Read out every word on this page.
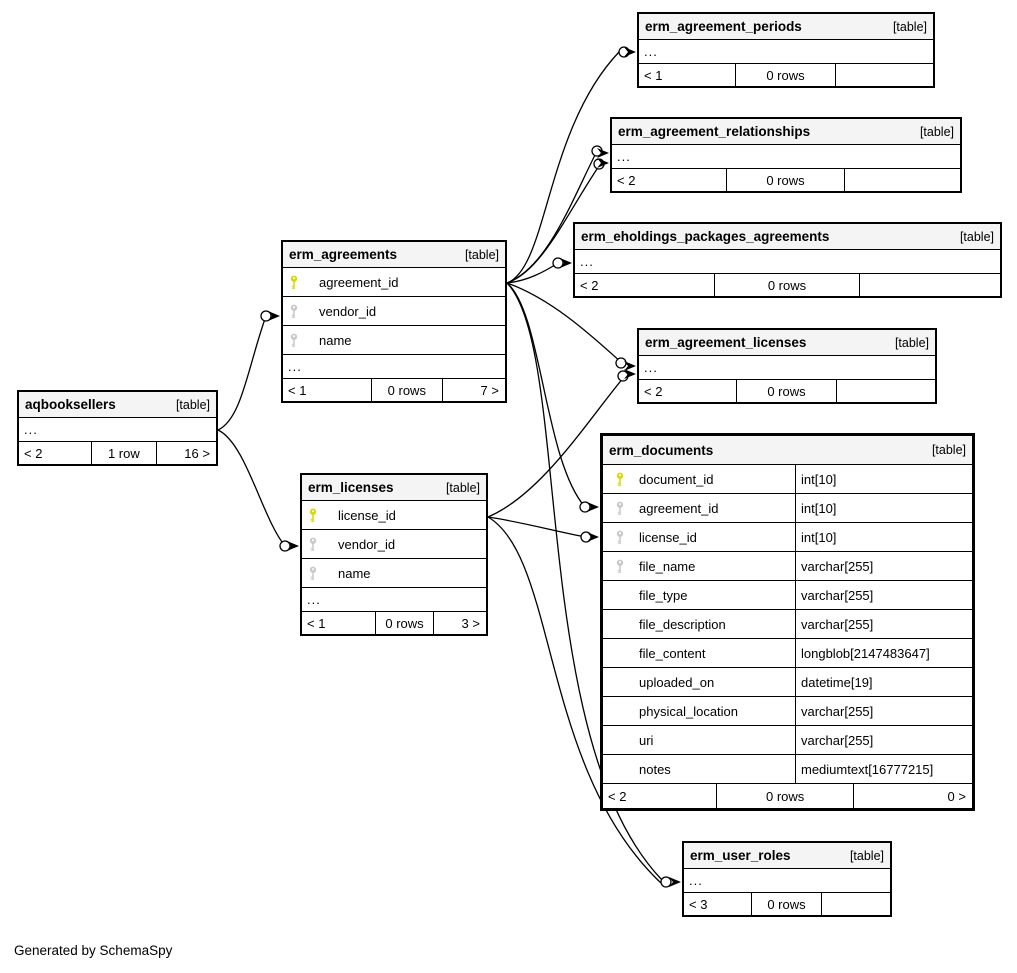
erm_agreement_periods	[table]
...
< 1	0 rows
erm_agreement_relationships	[table]
...
< 2	0 rows
erm_eholdings_packages_agreements	[table]
...
< 2	0 rows
erm_agreement_licenses	[table]
...
< 2	0 rows
erm_documents	[table]
document_id	int[10]
agreement_id	int[10]
license_id	int[10]
file_name	varchar[255]
file_type	varchar[255]
file_description	varchar[255]
file_content	longblob[2147483647]
uploaded_on	datetime[19]
physical_location	varchar[255]
uri	varchar[255]
notes	mediumtext[16777215]
< 2	0 rows	0 >
erm_agreements	[table]
agreement_id
vendor_id
name
...
< 1	0 rows	7 >
aqbooksellers	[table]
...
< 2	1 row	16 >
erm_licenses	[table]
license_id
vendor_id
name
...
< 1	0 rows	3 >
erm_user_roles	[table]
...
< 3	0 rows
Generated by SchemaSpy
